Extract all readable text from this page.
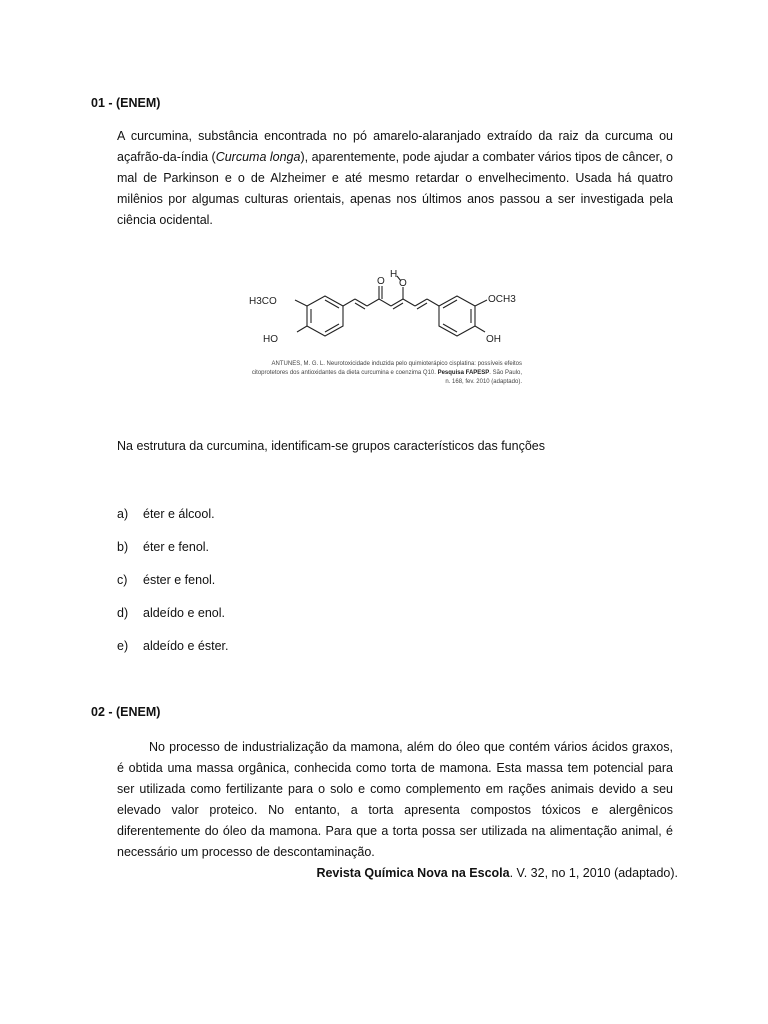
01 - (ENEM)
A curcumina, substância encontrada no pó amarelo-alaranjado extraído da raiz da curcuma ou açafrão-da-índia (Curcuma longa), aparentemente, pode ajudar a combater vários tipos de câncer, o mal de Parkinson e o de Alzheimer e até mesmo retardar o envelhecimento. Usada há quatro milênios por algumas culturas orientais, apenas nos últimos anos passou a ser investigada pela ciência ocidental.
H3CO
HO
O
H
O
OCH3
OH
ANTUNES, M. G. L. Neurotoxicidade induzida pelo quimioterápico cisplatina: possíveis efeitos citoprotetores dos antioxidantes da dieta curcumina e coenzima Q10. Pesquisa FAPESP. São Paulo, n. 168, fev. 2010 (adaptado).
Na estrutura da curcumina, identificam-se grupos característicos das funções
a) éter e álcool.
b) éter e fenol.
c) éster e fenol.
d) aldeído e enol.
e) aldeído e éster.
02 - (ENEM)
No processo de industrialização da mamona, além do óleo que contém vários ácidos graxos, é obtida uma massa orgânica, conhecida como torta de mamona. Esta massa tem potencial para ser utilizada como fertilizante para o solo e como complemento em rações animais devido a seu elevado valor proteico. No entanto, a torta apresenta compostos tóxicos e alergênicos diferentemente do óleo da mamona. Para que a torta possa ser utilizada na alimentação animal, é necessário um processo de descontaminação.
Revista Química Nova na Escola. V. 32, no 1, 2010 (adaptado).
